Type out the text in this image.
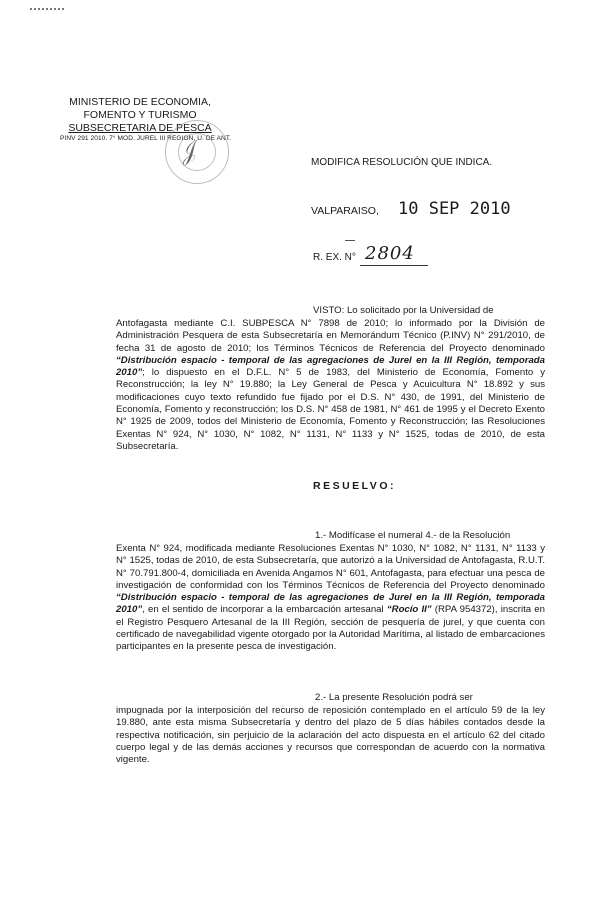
MINISTERIO DE ECONOMIA,
FOMENTO Y TURISMO
SUBSECRETARIA DE PESCA
PINV 291 2010. 7° MOD. JUREL III REGION, U. DE ANT.
𝒥	MODIFICA RESOLUCIÓN QUE INDICA.
VALPARAISO, 10 SEP 2010
R. EX. N° 2804
VISTO: Lo solicitado por la Universidad de
Antofagasta mediante C.I. SUBPESCA N° 7898 de 2010; lo informado por la División de Administración Pesquera de esta Subsecretaría en Memorándum Técnico (P.INV) N° 291/2010, de fecha 31 de agosto de 2010; los Términos Técnicos de Referencia del Proyecto denominado “Distribución espacio - temporal de las agregaciones de Jurel en la III Región, temporada 2010”; lo dispuesto en el D.F.L. N° 5 de 1983, del Ministerio de Economía, Fomento y Reconstrucción; la ley N° 19.880; la Ley General de Pesca y Acuicultura N° 18.892 y sus modificaciones cuyo texto refundido fue fijado por el D.S. N° 430, de 1991, del Ministerio de Economía, Fomento y reconstrucción; los D.S. N° 458 de 1981, N° 461 de 1995 y el Decreto Exento N° 1925 de 2009, todos del Ministerio de Economía, Fomento y Reconstrucción; las Resoluciones Exentas N° 924, N° 1030, N° 1082, N° 1131, N° 1133 y N° 1525, todas de 2010, de esta Subsecretaría.
RESUELVO:
1.- Modifícase el numeral 4.- de la Resolución
Exenta N° 924, modificada mediante Resoluciones Exentas N° 1030, N° 1082, N° 1131, N° 1133 y N° 1525, todas de 2010, de esta Subsecretaría, que autorizó a la Universidad de Antofagasta, R.U.T. N° 70.791.800-4, domiciliada en Avenida Angamos N° 601, Antofagasta, para efectuar una pesca de investigación de conformidad con los Términos Técnicos de Referencia del Proyecto denominado “Distribución espacio - temporal de las agregaciones de Jurel en la III Región, temporada 2010”, en el sentido de incorporar a la embarcación artesanal “Rocío II” (RPA 954372), inscrita en el Registro Pesquero Artesanal de la III Región, sección de pesquería de jurel, y que cuenta con certificado de navegabilidad vigente otorgado por la Autoridad Marítima, al listado de embarcaciones participantes en la presente pesca de investigación.
2.- La presente Resolución podrá ser
impugnada por la interposición del recurso de reposición contemplado en el artículo 59 de la ley 19.880, ante esta misma Subsecretaría y dentro del plazo de 5 días hábiles contados desde la respectiva notificación, sin perjuicio de la aclaración del acto dispuesta en el artículo 62 del citado cuerpo legal y de las demás acciones y recursos que correspondan de acuerdo con la normativa vigente.
